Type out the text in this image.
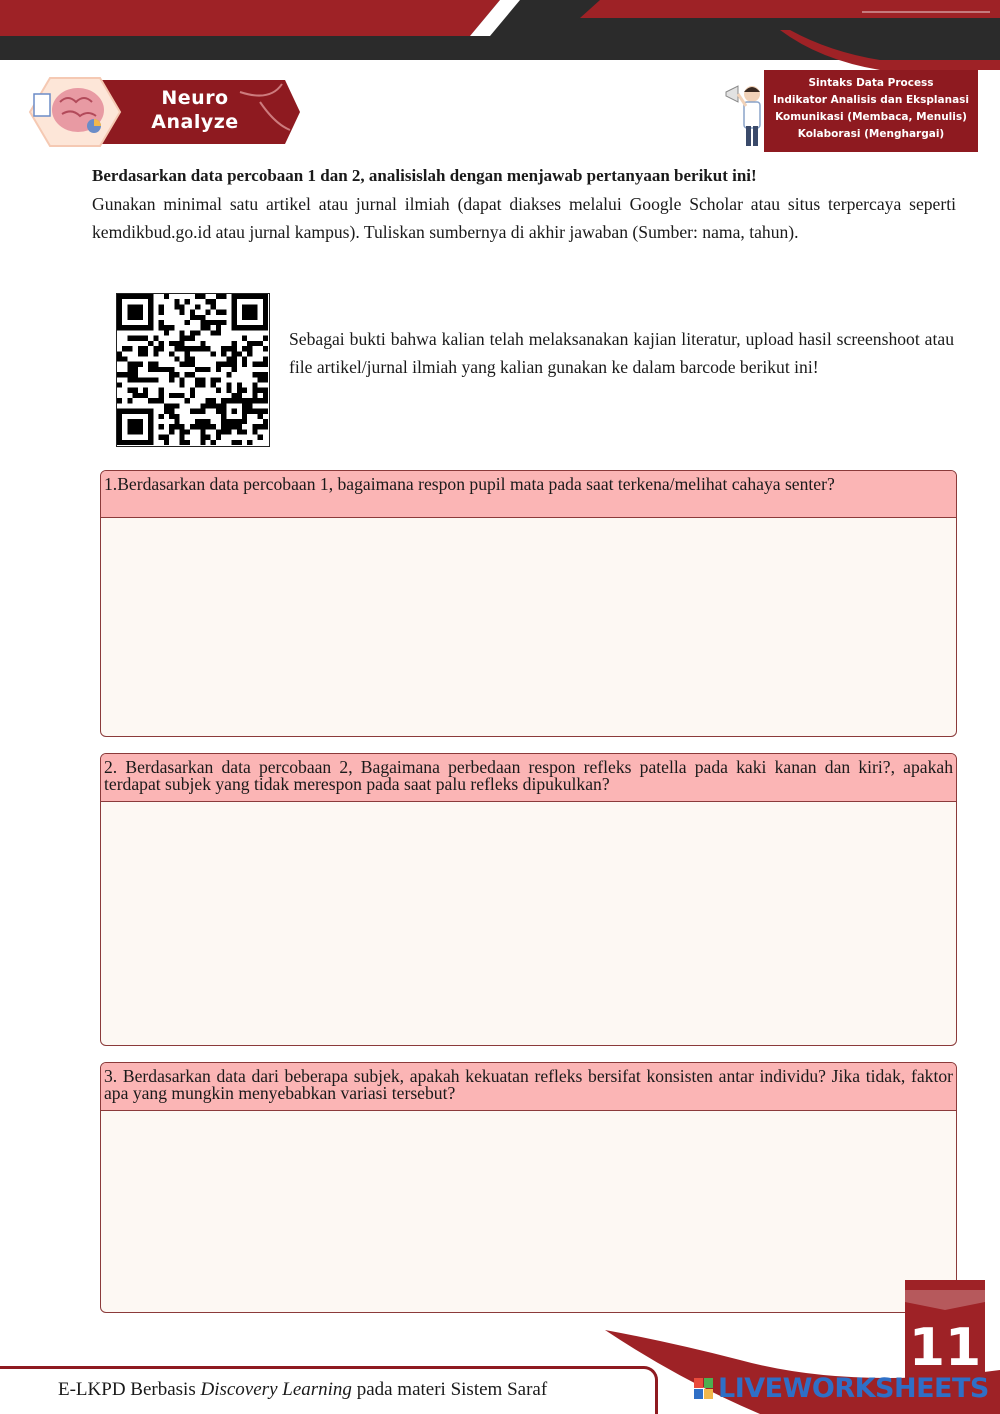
Neuro
Analyze
Sintaks Data Process
Indikator Analisis dan Eksplanasi
Komunikasi (Membaca, Menulis)
Kolaborasi (Menghargai)
Berdasarkan data percobaan 1 dan 2, analisislah dengan menjawab pertanyaan berikut ini!
Gunakan minimal satu artikel atau jurnal ilmiah (dapat diakses melalui Google Scholar atau situs terpercaya seperti kemdikbud.go.id atau jurnal kampus). Tuliskan sumbernya di akhir jawaban (Sumber: nama, tahun).
Sebagai bukti bahwa kalian telah melaksanakan kajian literatur, upload hasil screenshoot atau file artikel/jurnal ilmiah yang kalian gunakan ke dalam barcode berikut ini!
1.Berdasarkan data percobaan 1, bagaimana respon pupil mata pada saat terkena/melihat cahaya senter?
2. Berdasarkan data percobaan 2, Bagaimana perbedaan respon refleks patella pada kaki kanan dan kiri?, apakah terdapat subjek yang tidak merespon pada saat palu refleks dipukulkan?
3. Berdasarkan data dari beberapa subjek, apakah kekuatan refleks bersifat konsisten antar individu? Jika tidak, faktor apa yang mungkin menyebabkan variasi tersebut?
E-LKPD Berbasis Discovery Learning pada materi Sistem Saraf
11
LIVEWORKSHEETS
